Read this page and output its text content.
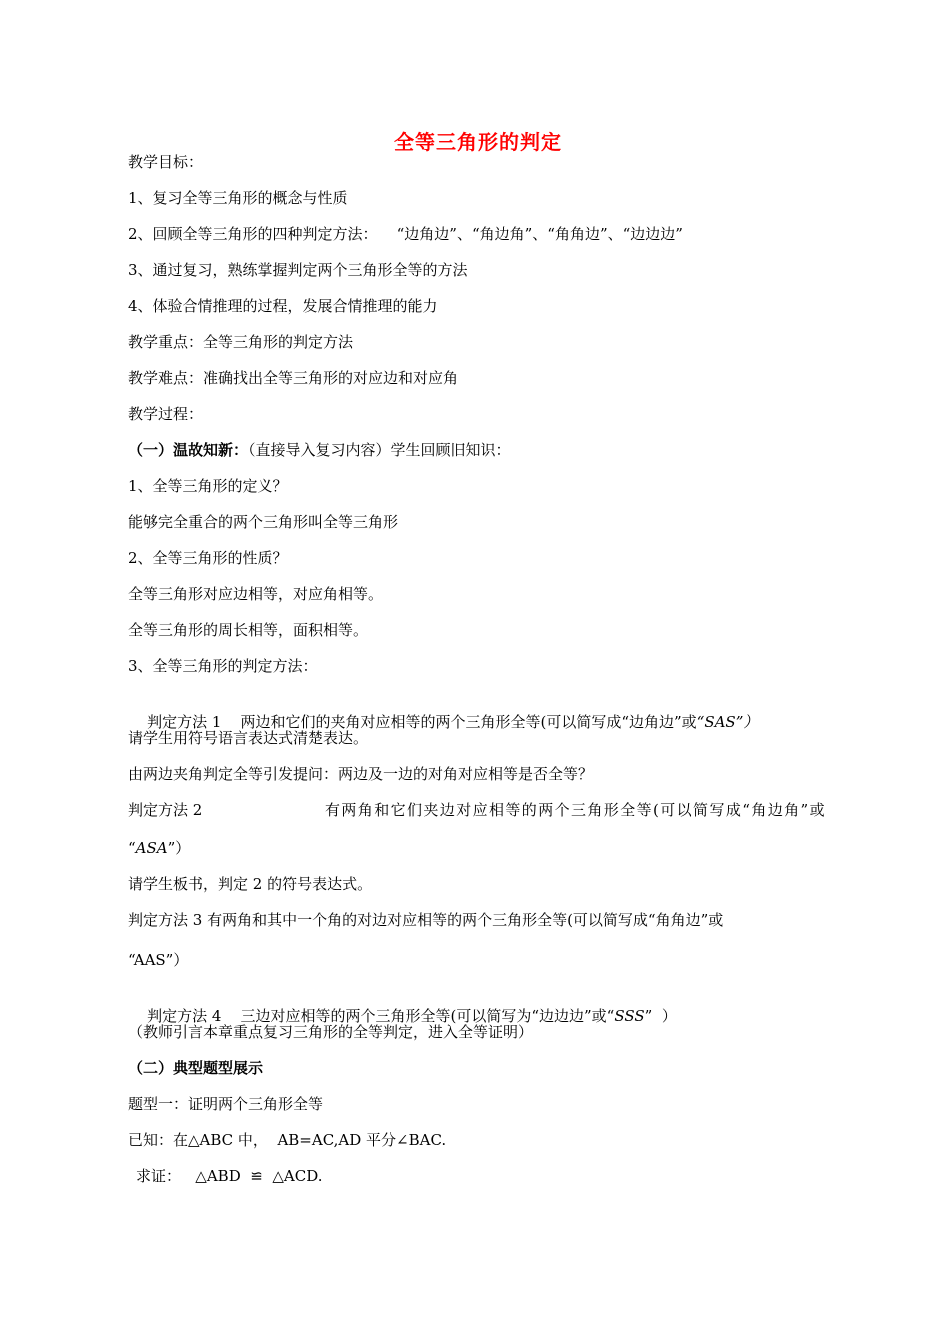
全等三角形的判定
教学目标：
1、复习全等三角形的概念与性质
2、回顾全等三角形的四种判定方法：    “边角边”、“角边角”、“角角边”、“边边边”
3、通过复习，熟练掌握判定两个三角形全等的方法
4、体验合情推理的过程，发展合情推理的能力
教学重点：全等三角形的判定方法
教学难点：准确找出全等三角形的对应边和对应角
教学过程：
（一）温故知新：（直接导入复习内容）学生回顾旧知识：
1、全等三角形的定义？
能够完全重合的两个三角形叫全等三角形
2、全等三角形的性质？
全等三角形对应边相等，对应角相等。
全等三角形的周长相等，面积相等。
3、全等三角形的判定方法：

判定方法 1    两边和它们的夹角对应相等的两个三角形全等(可以简写成“边角边”或“SAS”）

请学生用符号语言表达式清楚表达。
由两边夹角判定全等引发提问：两边及一边的对角对应相等是否全等？
判定方法 2	有两角和它们夹边对应相等的两个三角形全等(可以简写成“角边角”或
“ASA”）
请学生板书，判定 2 的符号表达式。
判定方法 3 有两角和其中一个角的对边对应相等的两个三角形全等(可以简写成“角角边”或
“AAS”）

判定方法 4    三边对应相等的两个三角形全等(可以简写为“边边边”或“SSS”  ）

（教师引言本章重点复习三角形的全等判定，进入全等证明）
（二）典型题型展示
题型一：证明两个三角形全等
已知：在△ABC 中，  AB=AC,AD 平分∠BAC.
求证：   △ABD  ≌  △ACD.
